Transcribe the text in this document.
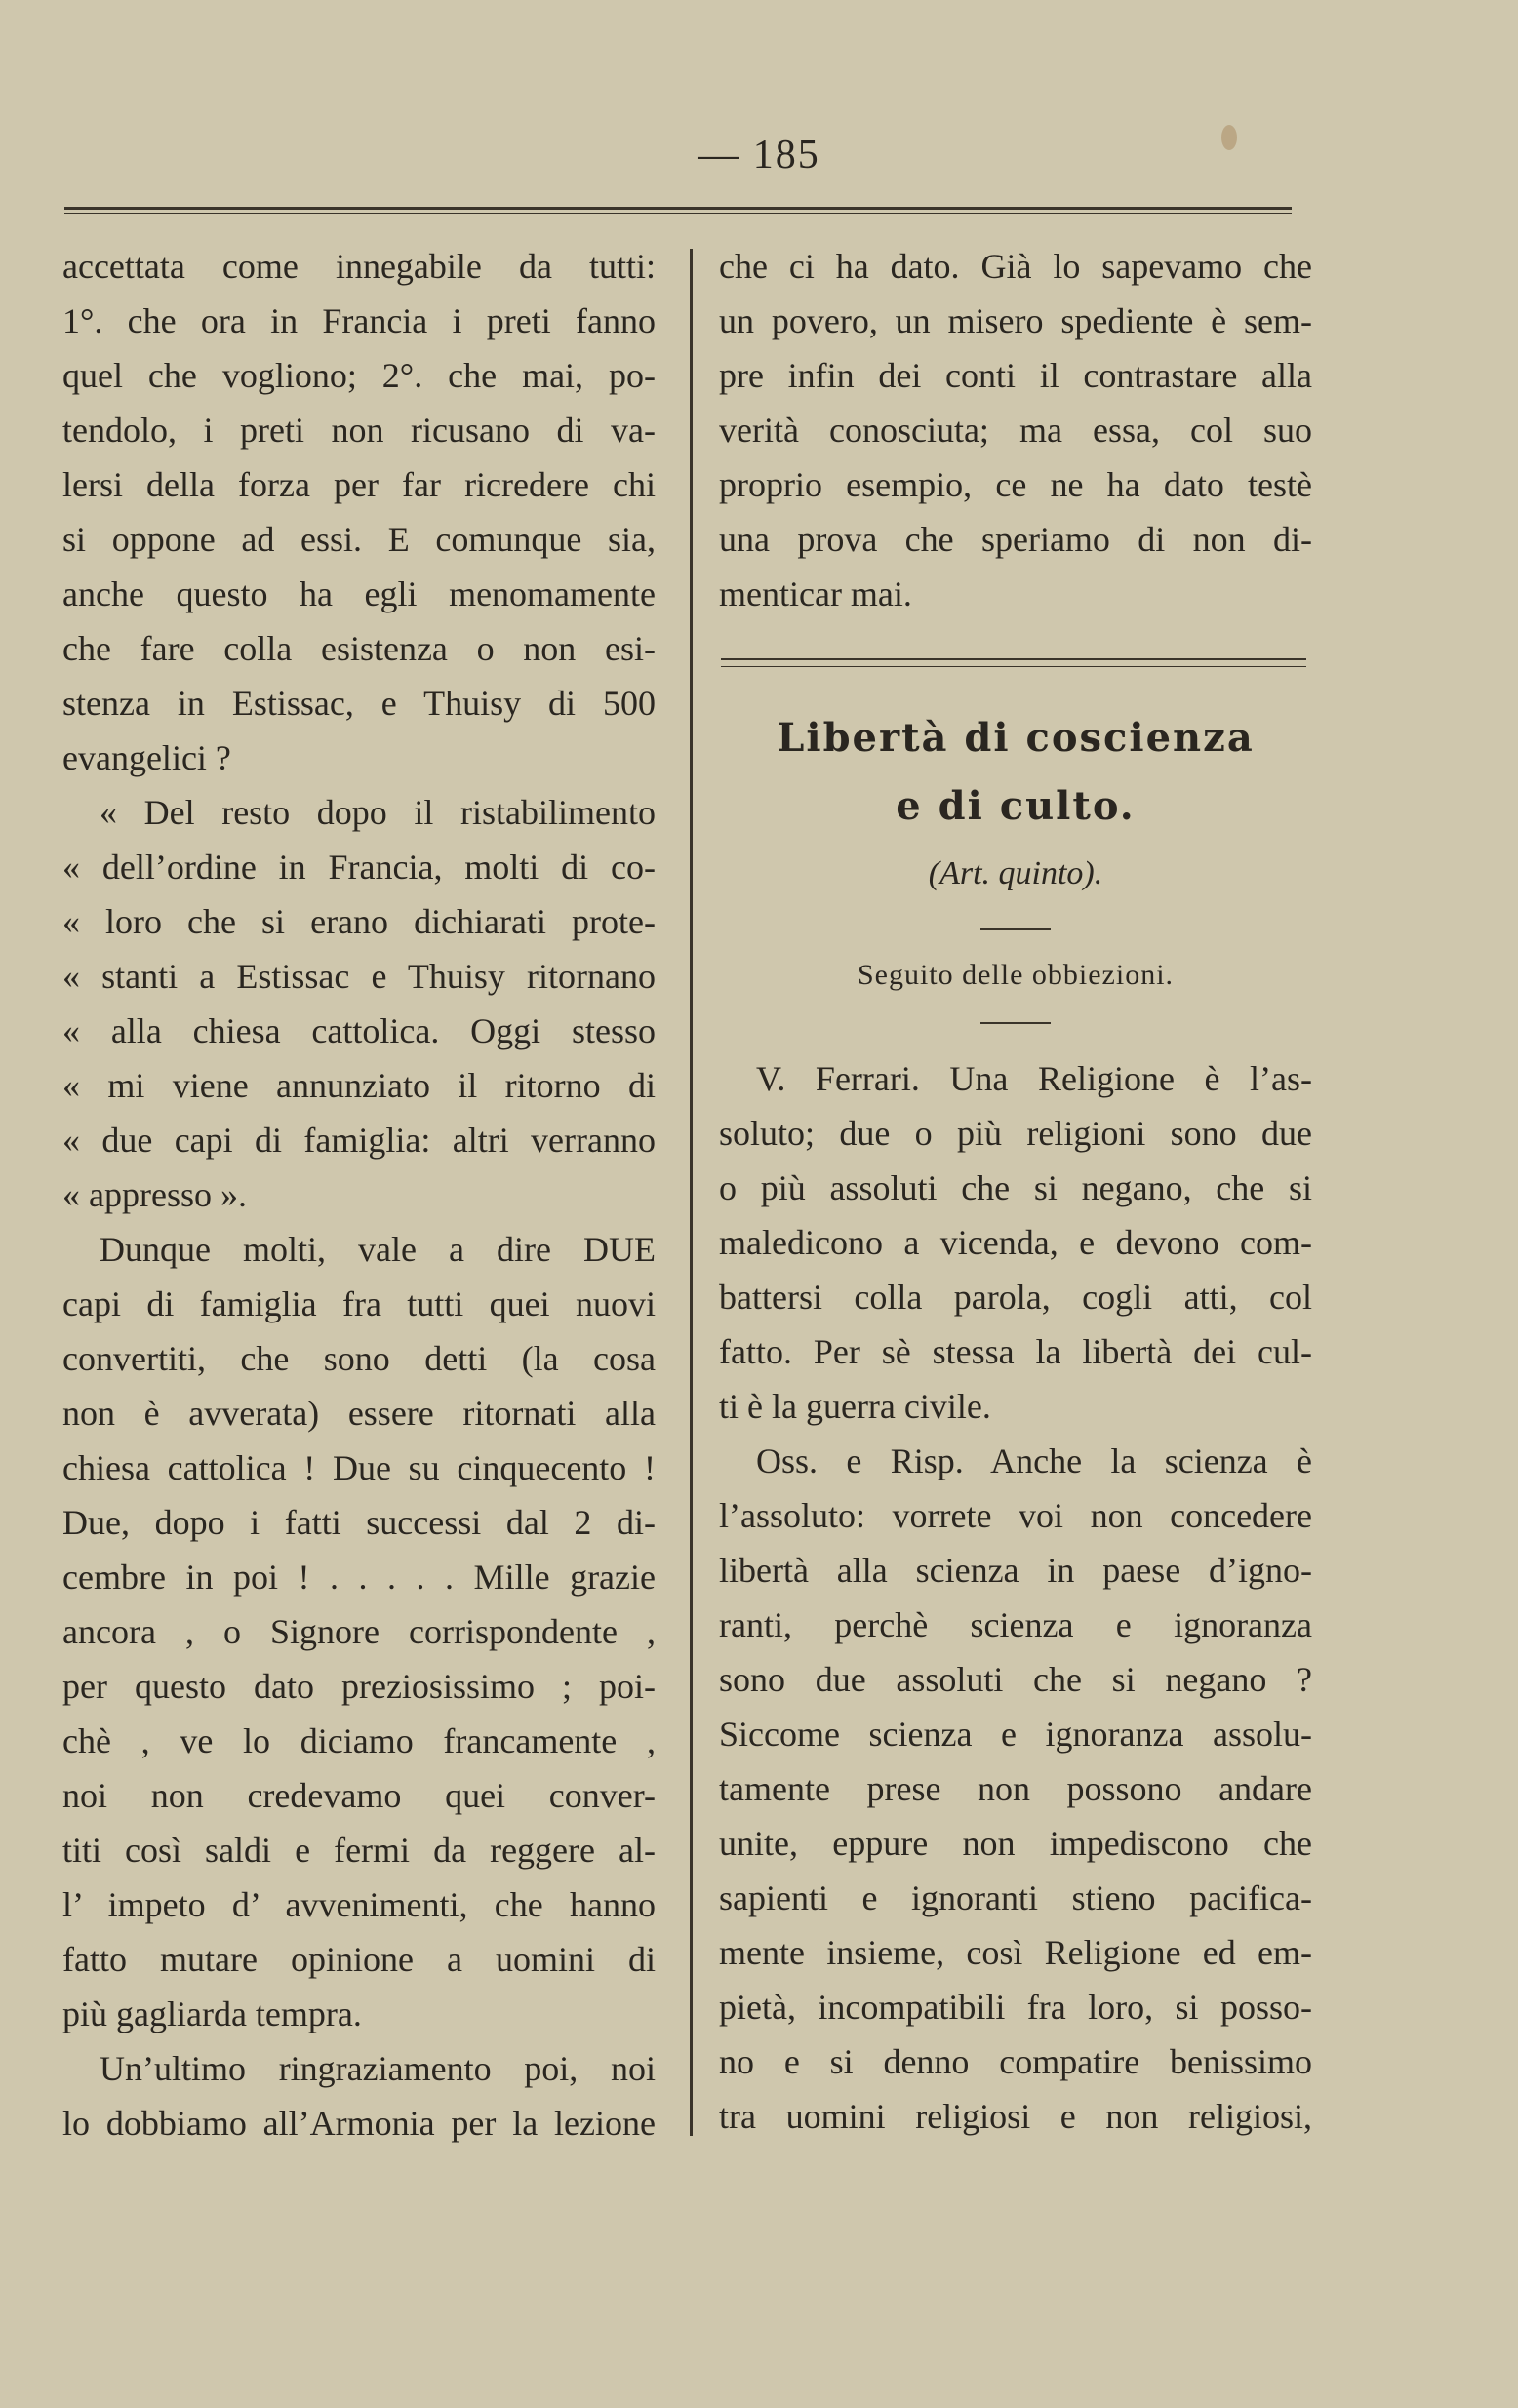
— 185
accettata come innegabile da tutti:
1°. che ora in Francia i preti fanno
quel che vogliono; 2°. che mai, po-
tendolo, i preti non ricusano di va-
lersi della forza per far ricredere chi
si oppone ad essi. E comunque sia,
anche questo ha egli menomamente
che fare colla esistenza o non esi-
stenza in Estissac, e Thuisy di 500
evangelici ?
« Del resto dopo il ristabilimento
« dell’ordine in Francia, molti di co-
« loro che si erano dichiarati prote-
« stanti a Estissac e Thuisy ritornano
« alla chiesa cattolica. Oggi stesso
« mi viene annunziato il ritorno di
« due capi di famiglia: altri verranno
« appresso ».
Dunque molti, vale a dire DUE
capi di famiglia fra tutti quei nuovi
convertiti, che sono detti (la cosa
non è avverata) essere ritornati alla
chiesa cattolica ! Due su cinquecento !
Due, dopo i fatti successi dal 2 di-
cembre in poi ! . . . . . Mille grazie
ancora , o Signore corrispondente ,
per questo dato preziosissimo ; poi-
chè , ve lo diciamo francamente ,
noi non credevamo quei conver-
titi così saldi e fermi da reggere al-
l’ impeto d’ avvenimenti, che hanno
fatto mutare opinione a uomini di
più gagliarda tempra.
Un’ultimo ringraziamento poi, noi
lo dobbiamo all’Armonia per la lezione
che ci ha dato. Già lo sapevamo che
un povero, un misero spediente è sem-
pre infin dei conti il contrastare alla
verità conosciuta; ma essa, col suo
proprio esempio, ce ne ha dato testè
una prova che speriamo di non di-
menticar mai.
Libertà di coscienza
e di culto.
(Art. quinto).
Seguito delle obbiezioni.
V. Ferrari. Una Religione è l’as-
soluto; due o più religioni sono due
o più assoluti che si negano, che si
maledicono a vicenda, e devono com-
battersi colla parola, cogli atti, col
fatto. Per sè stessa la libertà dei cul-
ti è la guerra civile.
Oss. e Risp. Anche la scienza è
l’assoluto: vorrete voi non concedere
libertà alla scienza in paese d’igno-
ranti, perchè scienza e ignoranza
sono due assoluti che si negano ?
Siccome scienza e ignoranza assolu-
tamente prese non possono andare
unite, eppure non impediscono che
sapienti e ignoranti stieno pacifica-
mente insieme, così Religione ed em-
pietà, incompatibili fra loro, si posso-
no e si denno compatire benissimo
tra uomini religiosi e non religiosi,
